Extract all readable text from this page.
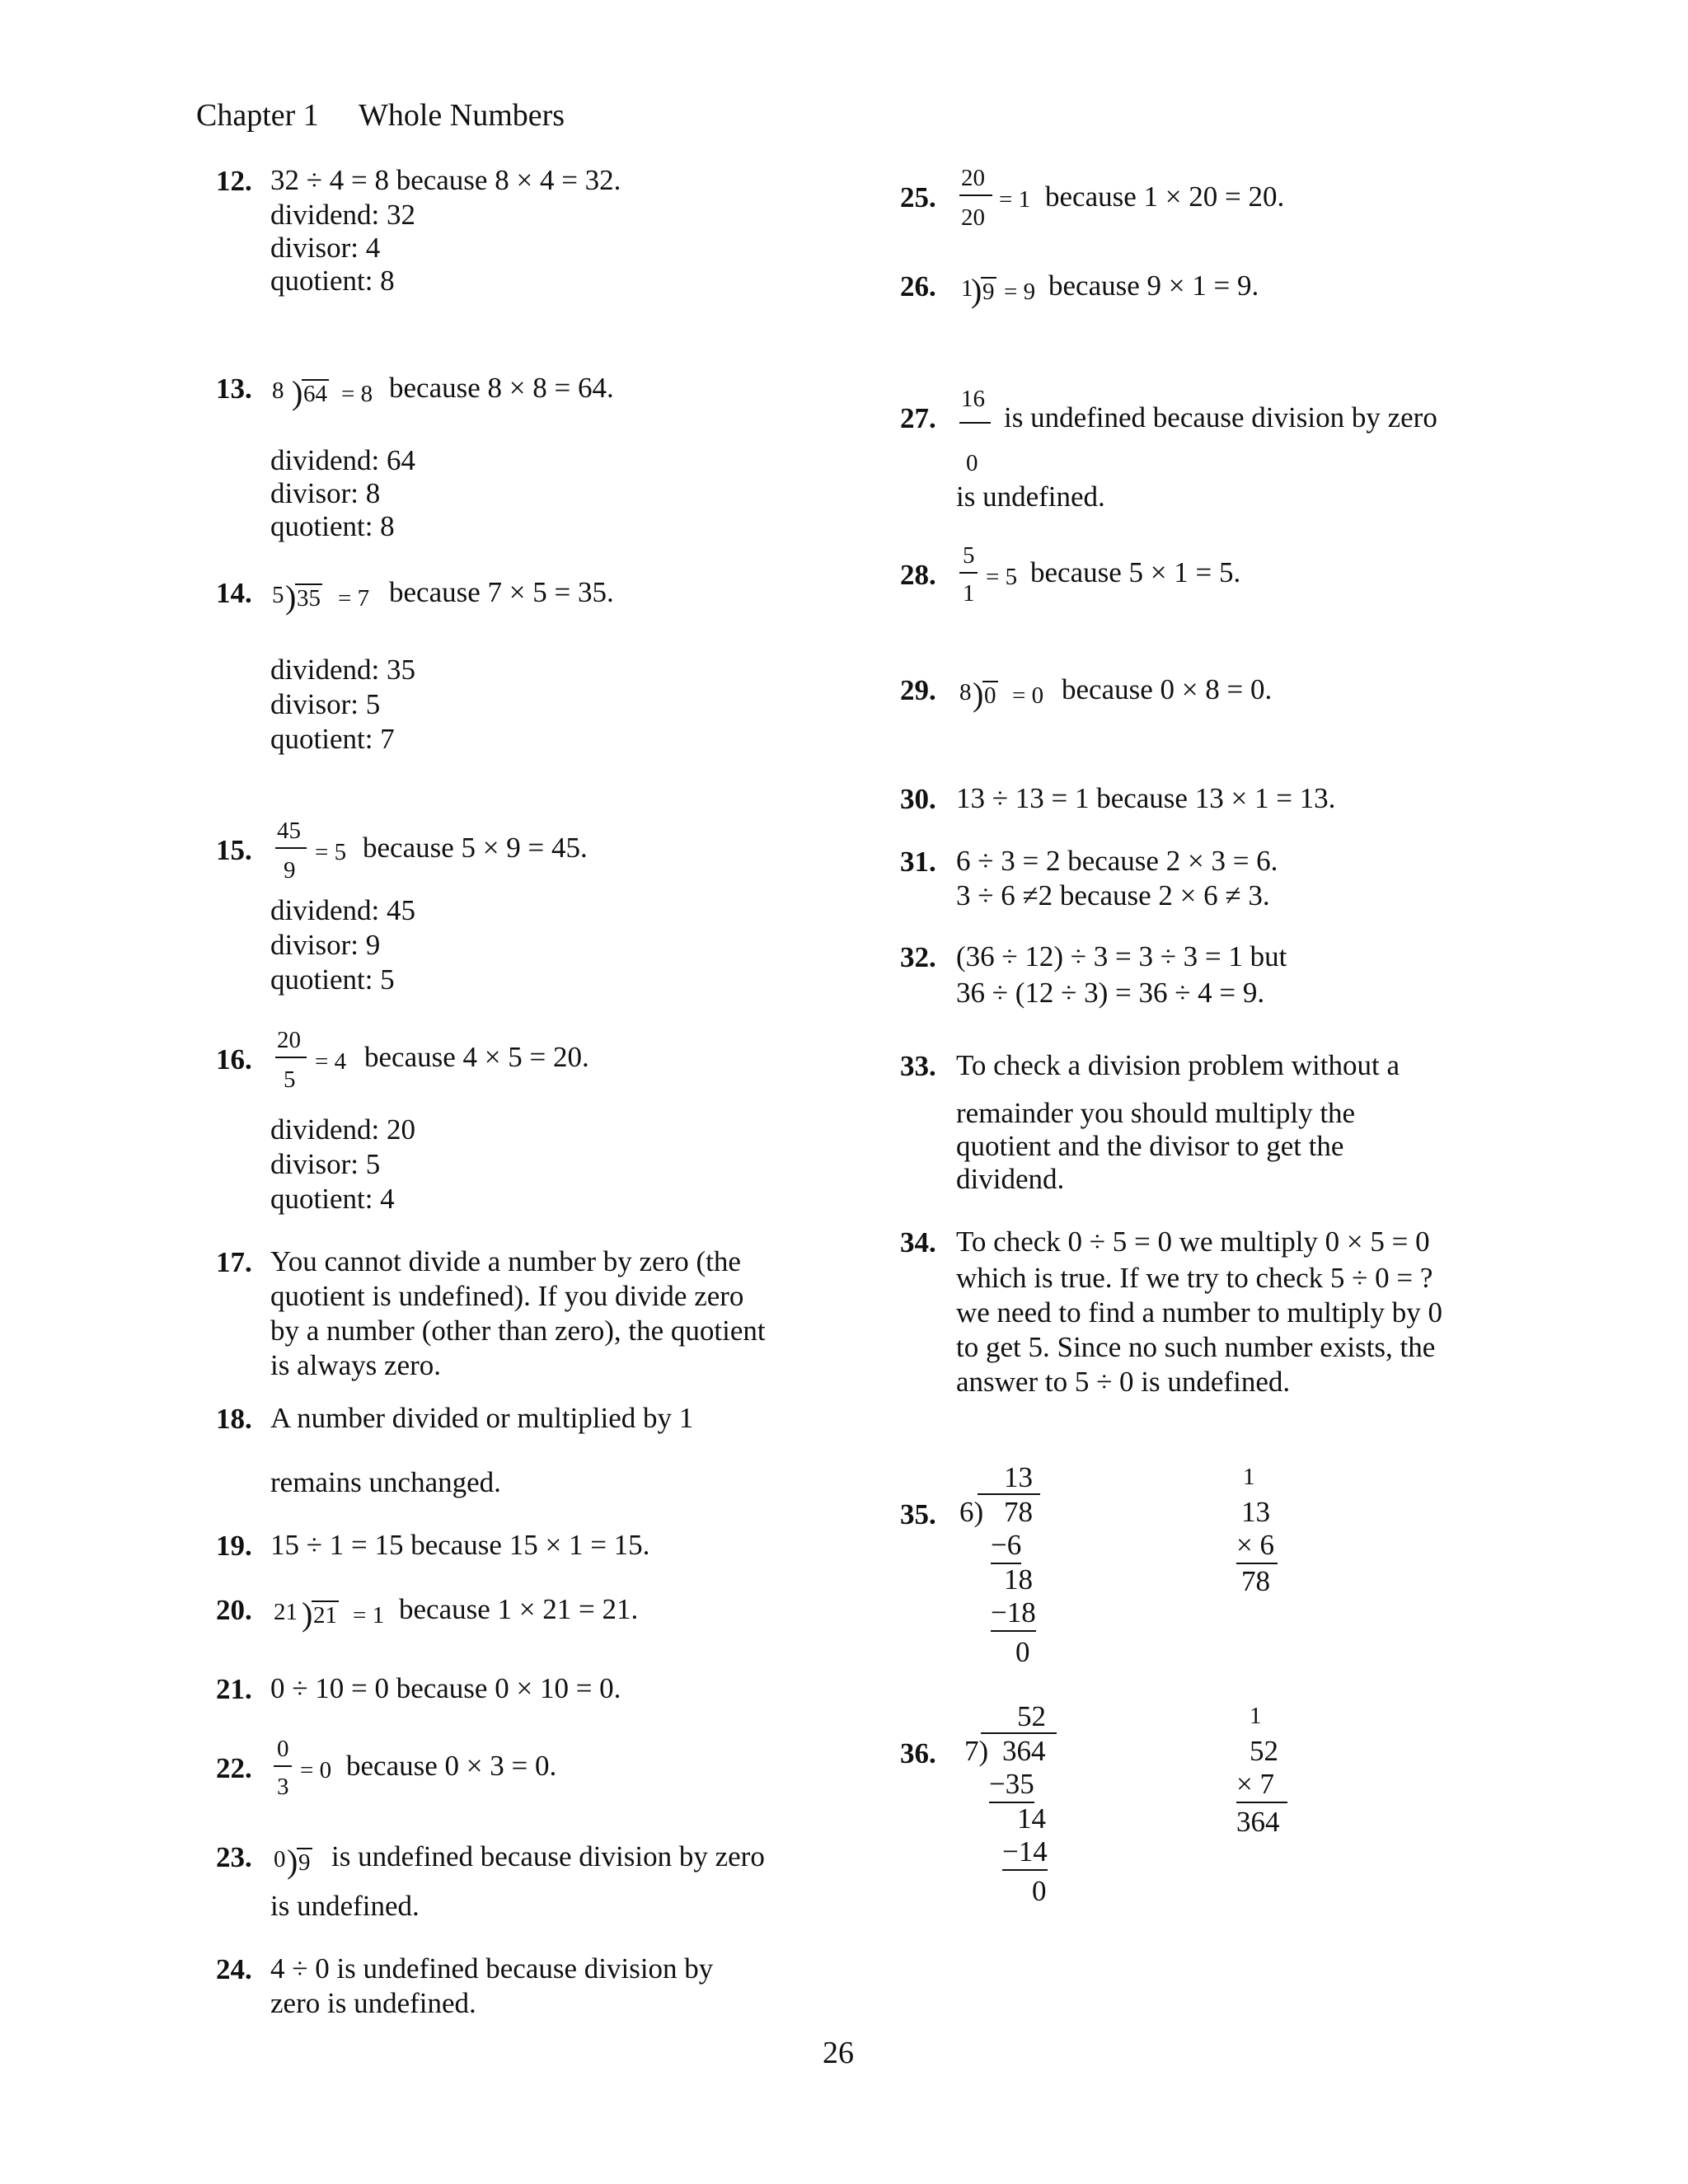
Chapter 1 Whole Numbers
12. 32 ÷ 4 = 8 because 8 × 4 = 32.
dividend: 32
divisor: 4
quotient: 8
13. 8 ) 64 = 8 because 8 × 8 = 64.
dividend: 64
divisor: 8
quotient: 8
14. 5 ) 35 = 7 because 7 × 5 = 35.
dividend: 35
divisor: 5
quotient: 7
15.
45
9
= 5 because 5 × 9 = 45.
dividend: 45
divisor: 9
quotient: 5
16.
20
5
= 4 because 4 × 5 = 20.
dividend: 20
divisor: 5
quotient: 4
17. You cannot divide a number by zero (the
quotient is undefined). If you divide zero
by a number (other than zero), the quotient
is always zero.
18. A number divided or multiplied by 1
remains unchanged.
19. 15 ÷ 1 = 15 because 15 × 1 = 15.
20. 21 ) 21 = 1 because 1 × 21 = 21.
21. 0 ÷ 10 = 0 because 0 × 10 = 0.
22.
0
3
= 0 because 0 × 3 = 0.
23. 0 ) 9 is undefined because division by zero
is undefined.
24. 4 ÷ 0 is undefined because division by
zero is undefined.
25.
20
20
= 1 because 1 × 20 = 20.
26. 1
) 9 = 9 because 9 × 1 = 9.
27.
16
0
is undefined because division by zero
is undefined.
28.
5
1
= 5 because 5 × 1 = 5.
29. 8 ) 0 = 0 because 0 × 8 = 0.
30. 13 ÷ 13 = 1 because 13 × 1 = 13.
31. 6 ÷ 3 = 2 because 2 × 3 = 6.
3 ÷ 6 ≠2 because 2 × 6 ≠ 3.
32. (36 ÷ 12) ÷ 3 = 3 ÷ 3 = 1 but
36 ÷ (12 ÷ 3) = 36 ÷ 4 = 9.
33. To check a division problem without a
remainder you should multiply the
quotient and the divisor to get the
dividend.
34. To check 0 ÷ 5 = 0 we multiply 0 × 5 = 0
which is true. If we try to check 5 ÷ 0 = ?
we need to find a number to multiply by 0
to get 5. Since no such number exists, the
answer to 5 ÷ 0 is undefined.
35.
13
6) 78
−6
18
−18
0
1
13
× 6
78
36.
52
7) 364
−35
14
−14
0
1
52
× 7
364
26
